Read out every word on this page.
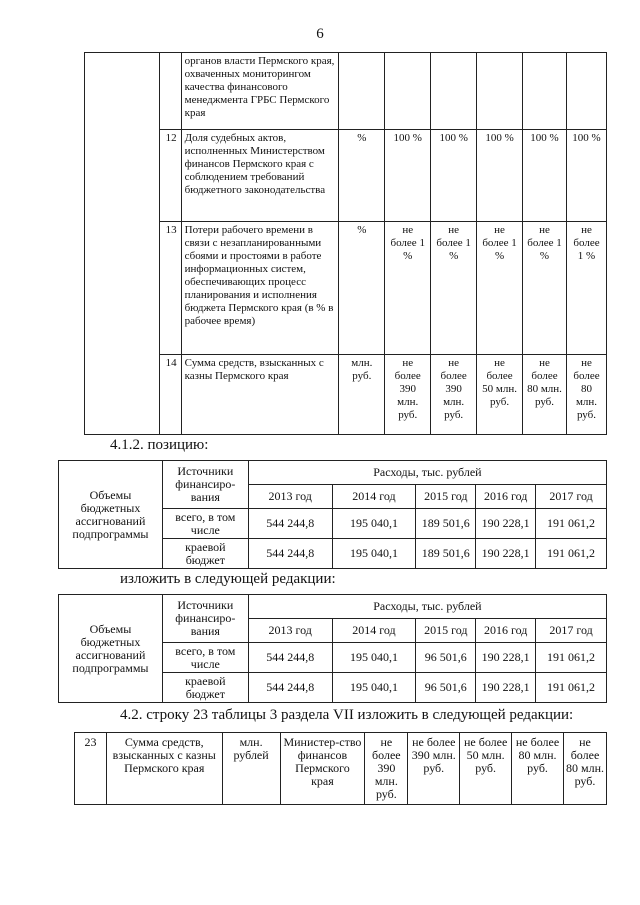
6
		органов власти Пермского края, охваченных мониторингом качества финансового менеджмента ГРБС Пермского края						
	12	Доля судебных актов, исполненных Министерством финансов Пермского края с соблюдением требований бюджетного законодательства	%	100 %	100 %	100 %	100 %	100 %
	13	Потери рабочего времени в связи с незапланированными сбоями и простоями в работе информационных систем, обеспечивающих процесс планирования и исполнения бюджета Пермского края (в % в рабочее время)	%	не более 1 %	не более 1 %	не более 1 %	не более 1 %	не более 1 %
	14	Сумма средств, взысканных с казны Пермского края	млн. руб.	не более 390 млн. руб.	не более 390 млн. руб.	не более 50 млн. руб.	не более 80 млн. руб.	не более 80 млн. руб.
4.1.2. позицию:
Объемы бюджетных ассигнований подпрограммы	Источники финансиро-вания	Расходы, тыс. рублей				
		2013 год	2014 год	2015 год	2016 год	2017 год
	всего, в том числе	544 244,8	195 040,1	189 501,6	190 228,1	191 061,2
	краевой бюджет	544 244,8	195 040,1	189 501,6	190 228,1	191 061,2
изложить в следующей редакции:
Объемы бюджетных ассигнований подпрограммы	Источники финансиро-вания	Расходы, тыс. рублей				
		2013 год	2014 год	2015 год	2016 год	2017 год
	всего, в том числе	544 244,8	195 040,1	96 501,6	190 228,1	191 061,2
	краевой бюджет	544 244,8	195 040,1	96 501,6	190 228,1	191 061,2
4.2. строку 23 таблицы 3 раздела VII изложить в следующей редакции:
23	Сумма средств, взысканных с казны Пермского края	млн. рублей	Министер-ство финансов Пермского края	не более 390 млн. руб.	не более 390 млн. руб.	не более 50 млн. руб.	не более 80 млн. руб.	не более 80 млн. руб.
